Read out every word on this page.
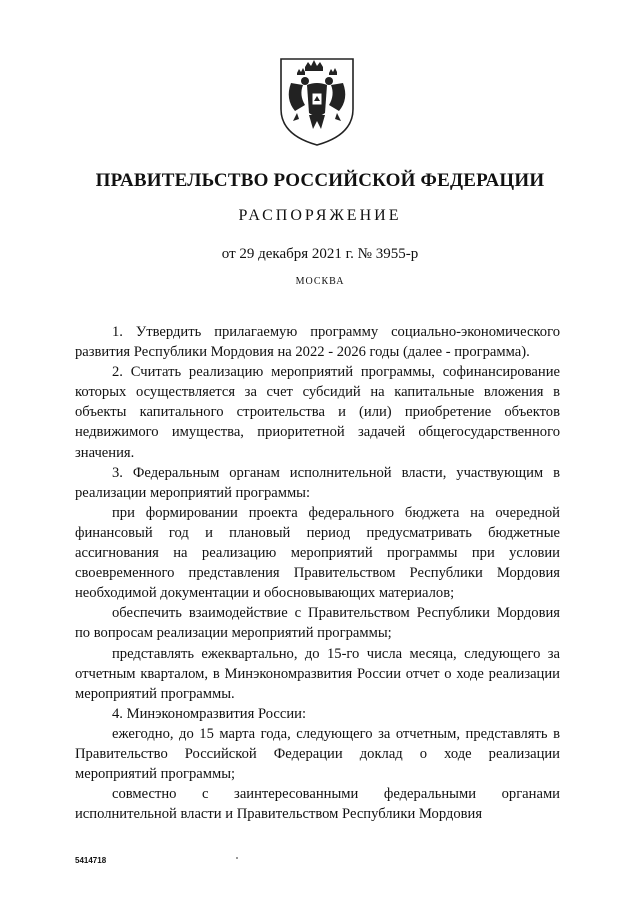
ПРАВИТЕЛЬСТВО РОССИЙСКОЙ ФЕДЕРАЦИИ
РАСПОРЯЖЕНИЕ
от 29 декабря 2021 г. № 3955-р
МОСКВА

1. Утвердить прилагаемую программу социально-экономического развития Республики Мордовия на 2022 - 2026 годы (далее - программа).

2. Считать реализацию мероприятий программы, софинансирование которых осуществляется за счет субсидий на капитальные вложения в объекты капитального строительства и (или) приобретение объектов недвижимого имущества, приоритетной задачей общегосударственного значения.

3. Федеральным органам исполнительной власти, участвующим в реализации мероприятий программы:

при формировании проекта федерального бюджета на очередной финансовый год и плановый период предусматривать бюджетные ассигнования на реализацию мероприятий программы при условии своевременного представления Правительством Республики Мордовия необходимой документации и обосновывающих материалов;

обеспечить взаимодействие с Правительством Республики Мордовия по вопросам реализации мероприятий программы;

представлять ежеквартально, до 15-го числа месяца, следующего за отчетным кварталом, в Минэкономразвития России отчет о ходе реализации мероприятий программы.

4. Минэкономразвития России:

ежегодно, до 15 марта года, следующего за отчетным, представлять в Правительство Российской Федерации доклад о ходе реализации мероприятий программы;

совместно с заинтересованными федеральными органами исполнительной власти и Правительством Республики Мордовия

5414718
